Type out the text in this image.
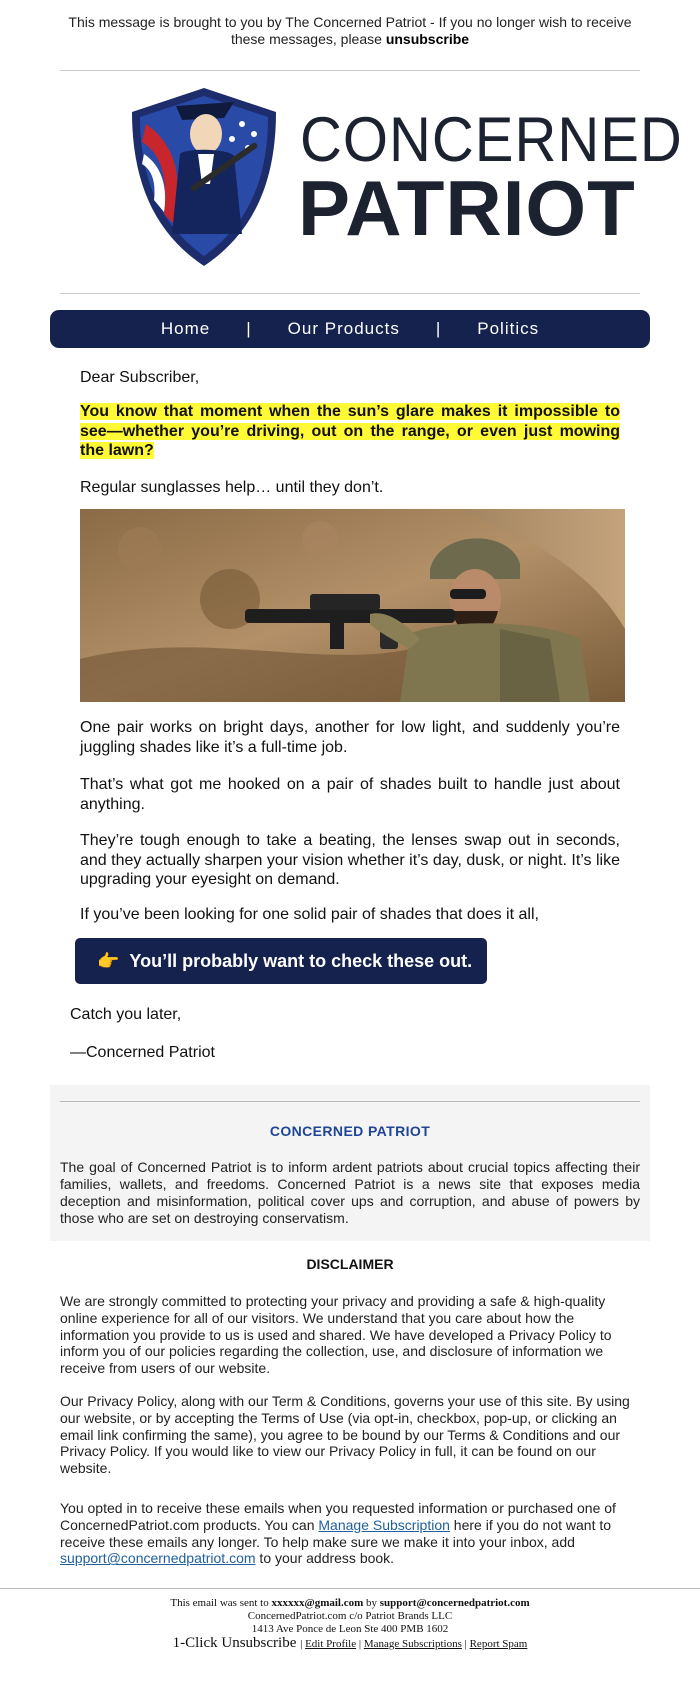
This message is brought to you by The Concerned Patriot - If you no longer wish to receive these messages, please unsubscribe
CONCERNED
PATRIOT
Home | Our Products | Politics
Dear Subscriber,
You know that moment when the sun’s glare makes it impossible to see—whether you’re driving, out on the range, or even just mowing the lawn?
Regular sunglasses help… until they don’t.
One pair works on bright days, another for low light, and suddenly you’re juggling shades like it’s a full-time job.
That’s what got me hooked on a pair of shades built to handle just about anything.
They’re tough enough to take a beating, the lenses swap out in seconds, and they actually sharpen your vision whether it’s day, dusk, or night. It’s like upgrading your eyesight on demand.
If you’ve been looking for one solid pair of shades that does it all,
👉 You’ll probably want to check these out.
Catch you later,
—Concerned Patriot
CONCERNED PATRIOT
The goal of Concerned Patriot is to inform ardent patriots about crucial topics affecting their families, wallets, and freedoms. Concerned Patriot is a news site that exposes media deception and misinformation, political cover ups and corruption, and abuse of powers by those who are set on destroying conservatism.
DISCLAIMER
We are strongly committed to protecting your privacy and providing a safe & high-quality online experience for all of our visitors. We understand that you care about how the information you provide to us is used and shared. We have developed a Privacy Policy to inform you of our policies regarding the collection, use, and disclosure of information we receive from users of our website.
Our Privacy Policy, along with our Term & Conditions, governs your use of this site. By using our website, or by accepting the Terms of Use (via opt-in, checkbox, pop-up, or clicking an email link confirming the same), you agree to be bound by our Terms & Conditions and our Privacy Policy. If you would like to view our Privacy Policy in full, it can be found on our website.
You opted in to receive these emails when you requested information or purchased one of ConcernedPatriot.com products. You can Manage Subscription here if you do not want to receive these emails any longer. To help make sure we make it into your inbox, add support@concernedpatriot.com to your address book.
This email was sent to xxxxxx@gmail.com by support@concernedpatriot.com
ConcernedPatriot.com c/o Patriot Brands LLC
1413 Ave Ponce de Leon Ste 400 PMB 1602
1-Click Unsubscribe | Edit Profile | Manage Subscriptions | Report Spam
